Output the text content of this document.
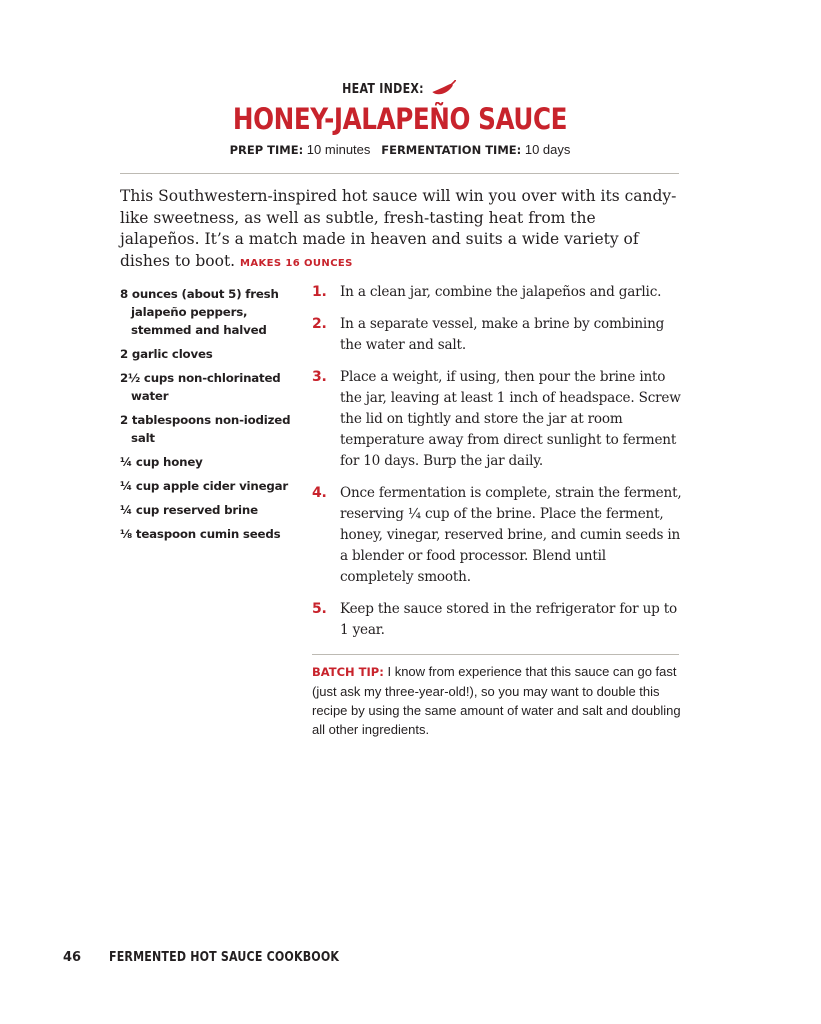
HEAT INDEX:
HONEY-JALAPEÑO SAUCE
PREP TIME: 10 minutes FERMENTATION TIME: 10 days

This Southwestern-inspired hot sauce will win you over with its candy-like sweetness, as well as subtle, fresh-tasting heat from the jalapeños. It’s a match made in heaven and suits a wide variety of dishes to boot. MAKES 16 OUNCES

8 ounces (about 5) fresh jalapeño peppers, stemmed and halved
2 garlic cloves
2½ cups non-chlorinated water
2 tablespoons non-iodized salt
¼ cup honey
¼ cup apple cider vinegar
¼ cup reserved brine
⅛ teaspoon cumin seeds
1. In a clean jar, combine the jalapeños and garlic.
2. In a separate vessel, make a brine by combining the water and salt.
3. Place a weight, if using, then pour the brine into the jar, leaving at least 1 inch of headspace. Screw the lid on tightly and store the jar at room temperature away from direct sunlight to ferment for 10 days. Burp the jar daily.
4. Once fermentation is complete, strain the ferment, reserving ¼ cup of the brine. Place the ferment, honey, vinegar, reserved brine, and cumin seeds in a blender or food processor. Blend until completely smooth.
5. Keep the sauce stored in the refrigerator for up to 1 year.

BATCH TIP: I know from experience that this sauce can go fast (just ask my three-year-old!), so you may want to double this recipe by using the same amount of water and salt and doubling all other ingredients.

46 FERMENTED HOT SAUCE COOKBOOK
